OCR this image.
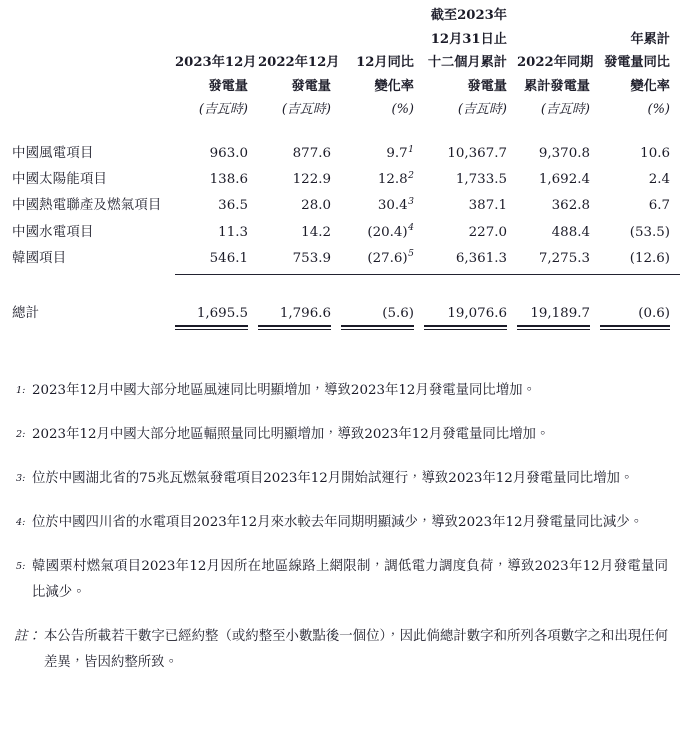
				截至2023年		
				12月31日止		年累計
	2023年12月	2022年12月	12月同比	十二個月累計	2022年同期	發電量同比
	發電量	發電量	變化率	發電量	累計發電量	變化率
	(吉瓦時)	(吉瓦時)	(%)	(吉瓦時)	(吉瓦時)	(%)

中國風電項目	963.0	877.6	9.7$^1$	10,367.7	9,370.8	10.6
中國太陽能項目	138.6	122.9	12.8$^2$	1,733.5	1,692.4	2.4
中國熱電聯產及燃氣項目	36.5	28.0	30.4$^3$	387.1	362.8	6.7
中國水電項目	11.3	14.2	(20.4)$^4$	227.0	488.4	(53.5)
韓國項目	546.1	753.9	(27.6)$^5$	6,361.3	7,275.3	(12.6)

總計	1,695.5	1,796.6	(5.6)	19,076.6	19,189.7	(0.6)
1: 2023年12月中國大部分地區風速同比明顯增加，導致2023年12月發電量同比增加。
2: 2023年12月中國大部分地區輻照量同比明顯增加，導致2023年12月發電量同比增加。
3: 位於中國湖北省的75兆瓦燃氣發電項目2023年12月開始試運行，導致2023年12月發電量同比增加。
4: 位於中國四川省的水電項目2023年12月來水較去年同期明顯減少，導致2023年12月發電量同比減少。
5: 韓國栗村燃氣項目2023年12月因所在地區線路上網限制，調低電力調度負荷，導致2023年12月發電量同比減少。
註： 本公告所載若干數字已經約整（或約整至小數點後一個位），因此倘總計數字和所列各項數字之和出現任何差異，皆因約整所致。
